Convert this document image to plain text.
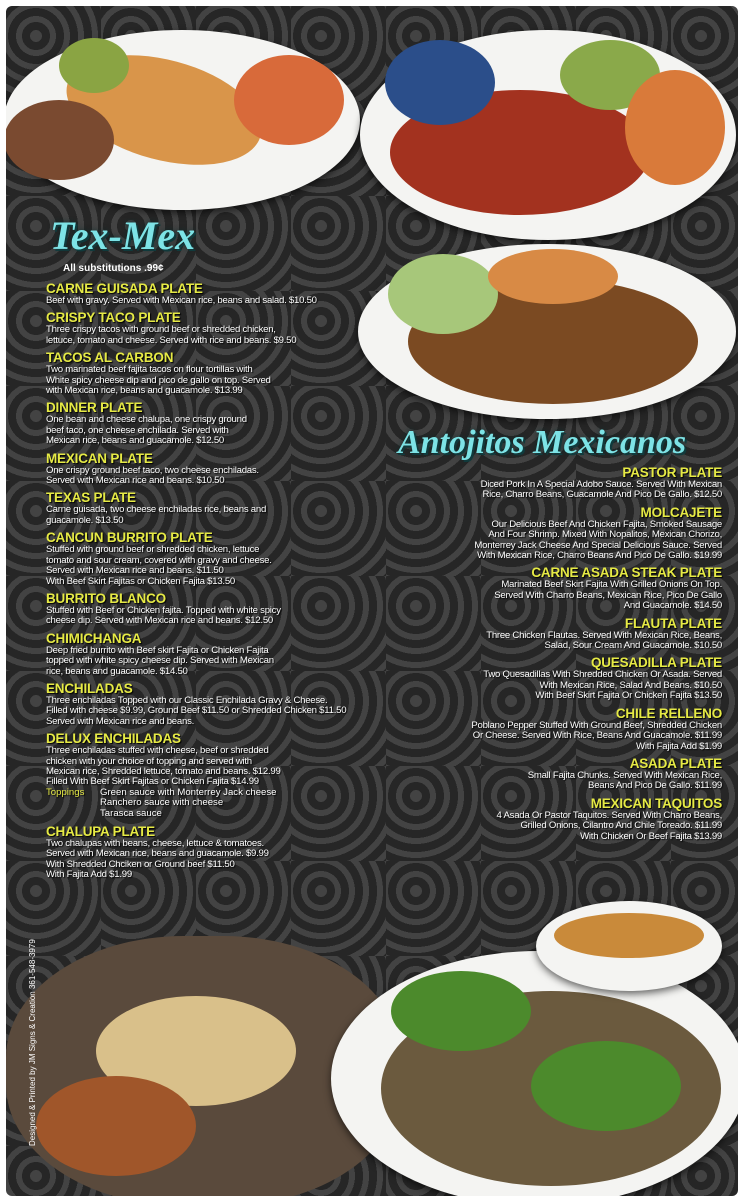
Tex-Mex
All substitutions .99¢
CARNE GUISADA PLATE

Beef with gravy. Served with Mexican rice, beans and salad. $10.50

CRISPY TACO PLATE

Three crispy tacos with ground beef or shredded chicken,
lettuce, tomato and cheese. Served with rice and beans. $9.50

TACOS AL CARBON

Two marinated beef fajita tacos on flour tortillas with
White spicy cheese dip and pico de gallo on top. Served
with Mexican rice, beans and guacamole. $13.99

DINNER PLATE

One bean and cheese chalupa, one crispy ground
beef taco, one cheese enchilada. Served with
Mexican rice, beans and guacamole. $12.50

MEXICAN PLATE

One crispy ground beef taco, two cheese enchiladas.
Served with Mexican rice and beans. $10.50

TEXAS PLATE

Carne guisada, two cheese enchiladas rice, beans and
guacamole. $13.50

CANCUN BURRITO PLATE

Stuffed with ground beef or shredded chicken, lettuce
tomato and sour cream, covered with gravy and cheese.
Served with Mexican rice and beans. $11.50
With Beef Skirt Fajitas or Chicken Fajita $13.50

BURRITO BLANCO

Stuffed with Beef or Chicken fajita. Topped with white spicy
cheese dip. Served with Mexican rice and beans. $12.50

CHIMICHANGA

Deep fried burrito with Beef skirt Fajita or Chicken Fajita
topped with white spicy cheese dip. Served with Mexican
rice, beans and guacamole. $14.50

ENCHILADAS

Three enchiladas Topped with our Classic Enchilada Gravy & Cheese.
Filled with cheese $9.99, Ground Beef $11.50 or Shredded Chicken $11.50
Served with Mexican rice and beans.

DELUX ENCHILADAS

Three enchiladas stuffed with cheese, beef or shredded
chicken with your choice of topping and served with
Mexican rice, Shredded lettuce, tomato and beans. $12.99
Filled With Beef Skirt Fajitas or Chicken Fajita $14.99

Toppings	Green sauce with Monterrey Jack cheese
Ranchero sauce with cheese
Tarasca sauce
CHALUPA PLATE

Two chalupas with beans, cheese, lettuce & tomatoes.
Served with Mexican rice, beans and guacamole. $9.99
With Shredded Chciken or Ground beef $11.50
With Fajita Add $1.99

Antojitos Mexicanos
PASTOR PLATE

Diced Pork In A Special Adobo Sauce. Served With Mexican
Rice, Charro Beans, Guacamole And Pico De Gallo. $12.50

MOLCAJETE

Our Delicious Beef And Chicken Fajita, Smoked Sausage
And Four Shrimp. Mixed With Nopalitos, Mexican Chorizo,
Monterrey Jack Cheese And Special Delicious Sauce. Served
With Mexican Rice, Charro Beans And Pico De Gallo. $19.99

CARNE ASADA STEAK PLATE

Marinated Beef Skirt Fajita With Grilled Onions On Top.
Served With Charro Beans, Mexican Rice, Pico De Gallo
And Guacamole. $14.50

FLAUTA PLATE

Three Chicken Flautas. Served With Mexican Rice, Beans,
Salad, Sour Cream And Guacamole. $10.50

QUESADILLA PLATE

Two Quesadillas With Shredded Chicken Or Asada. Served
With Mexican Rice, Salad And Beans. $10.50
With Beef Skirt Fajita Or Chicken Fajita $13.50

CHILE RELLENO

Poblano Pepper Stuffed With Ground Beef, Shredded Chicken
Or Cheese. Served With Rice, Beans And Guacamole. $11.99
With Fajita Add $1.99

ASADA PLATE

Small Fajita Chunks. Served With Mexican Rice,
Beans And Pico De Gallo. $11.99

MEXICAN TAQUITOS

4 Asada Or Pastor Taquitos. Served With Charro Beans,
Grilled Onions, Cilantro And Chile Toreado. $11.99
With Chicken Or Beef Fajita $13.99

Designed & Printed by JM Signs & Creation 361-548-3979
